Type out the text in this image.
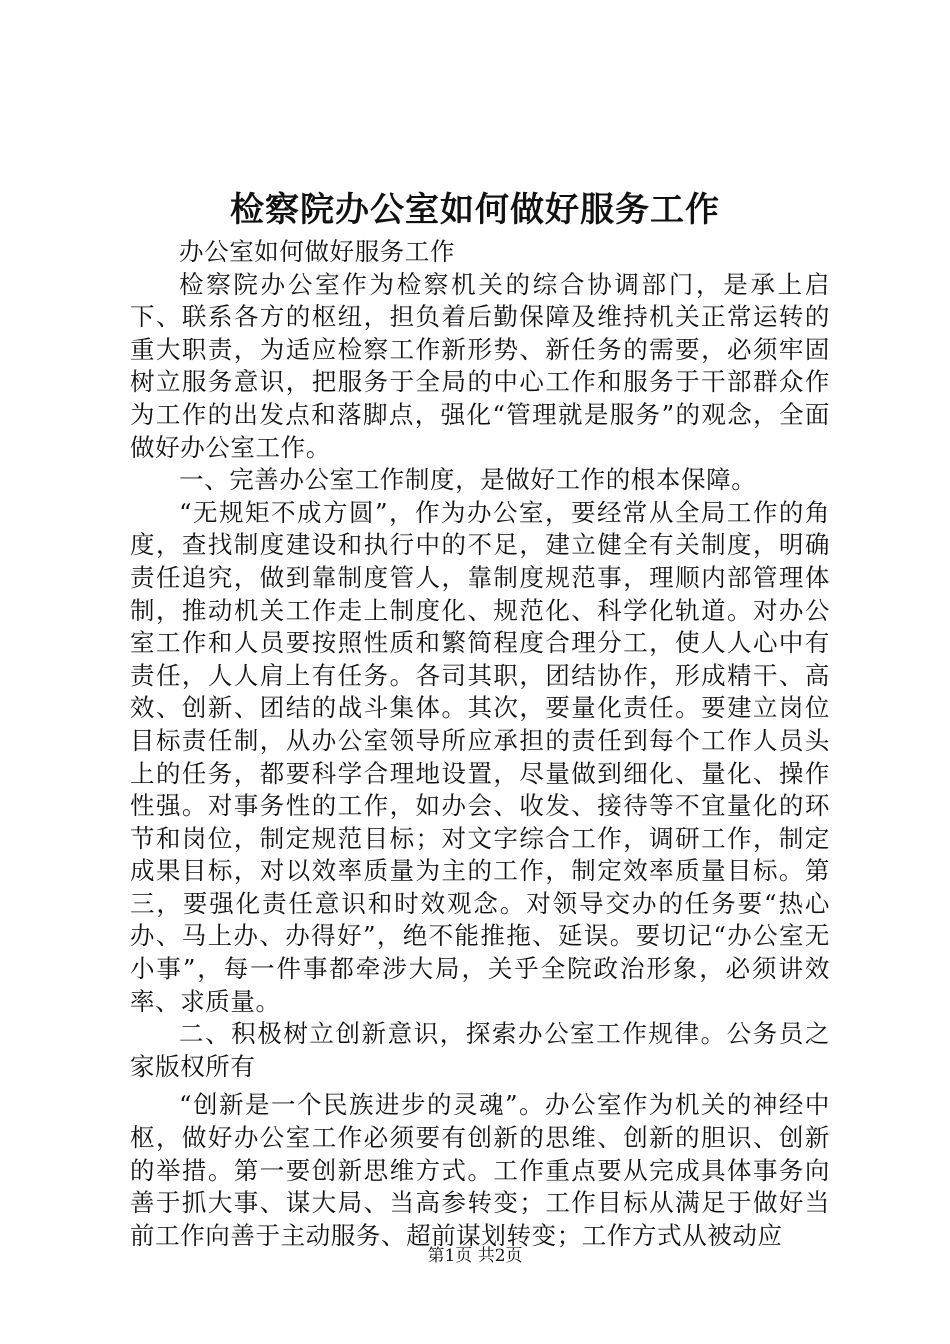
检察院办公室如何做好服务工作

办公室如何做好服务工作

检察院办公室作为检察机关的综合协调部门，是承上启下、联系各方的枢纽，担负着后勤保障及维持机关正常运转的重大职责，为适应检察工作新形势、新任务的需要，必须牢固树立服务意识，把服务于全局的中心工作和服务于干部群众作为工作的出发点和落脚点，强化“管理就是服务”的观念，全面做好办公室工作。

一、完善办公室工作制度，是做好工作的根本保障。

“无规矩不成方圆”，作为办公室，要经常从全局工作的角度，查找制度建设和执行中的不足，建立健全有关制度，明确责任追究，做到靠制度管人，靠制度规范事，理顺内部管理体制，推动机关工作走上制度化、规范化、科学化轨道。对办公室工作和人员要按照性质和繁简程度合理分工，使人人心中有责任，人人肩上有任务。各司其职，团结协作，形成精干、高效、创新、团结的战斗集体。其次，要量化责任。要建立岗位目标责任制，从办公室领导所应承担的责任到每个工作人员头上的任务，都要科学合理地设置，尽量做到细化、量化、操作性强。对事务性的工作，如办会、收发、接待等不宜量化的环节和岗位，制定规范目标；对文字综合工作，调研工作，制定成果目标，对以效率质量为主的工作，制定效率质量目标。第三，要强化责任意识和时效观念。对领导交办的任务要“热心办、马上办、办得好”，绝不能推拖、延误。要切记“办公室无小事”，每一件事都牵涉大局，关乎全院政治形象，必须讲效率、求质量。

二、积极树立创新意识，探索办公室工作规律。公务员之家版权所有

“创新是一个民族进步的灵魂”。办公室作为机关的神经中枢，做好办公室工作必须要有创新的思维、创新的胆识、创新的举措。第一要创新思维方式。工作重点要从完成具体事务向善于抓大事、谋大局、当高参转变；工作目标从满足于做好当前工作向善于主动服务、超前谋划转变；工作方式从被动应

第1页 共2页
